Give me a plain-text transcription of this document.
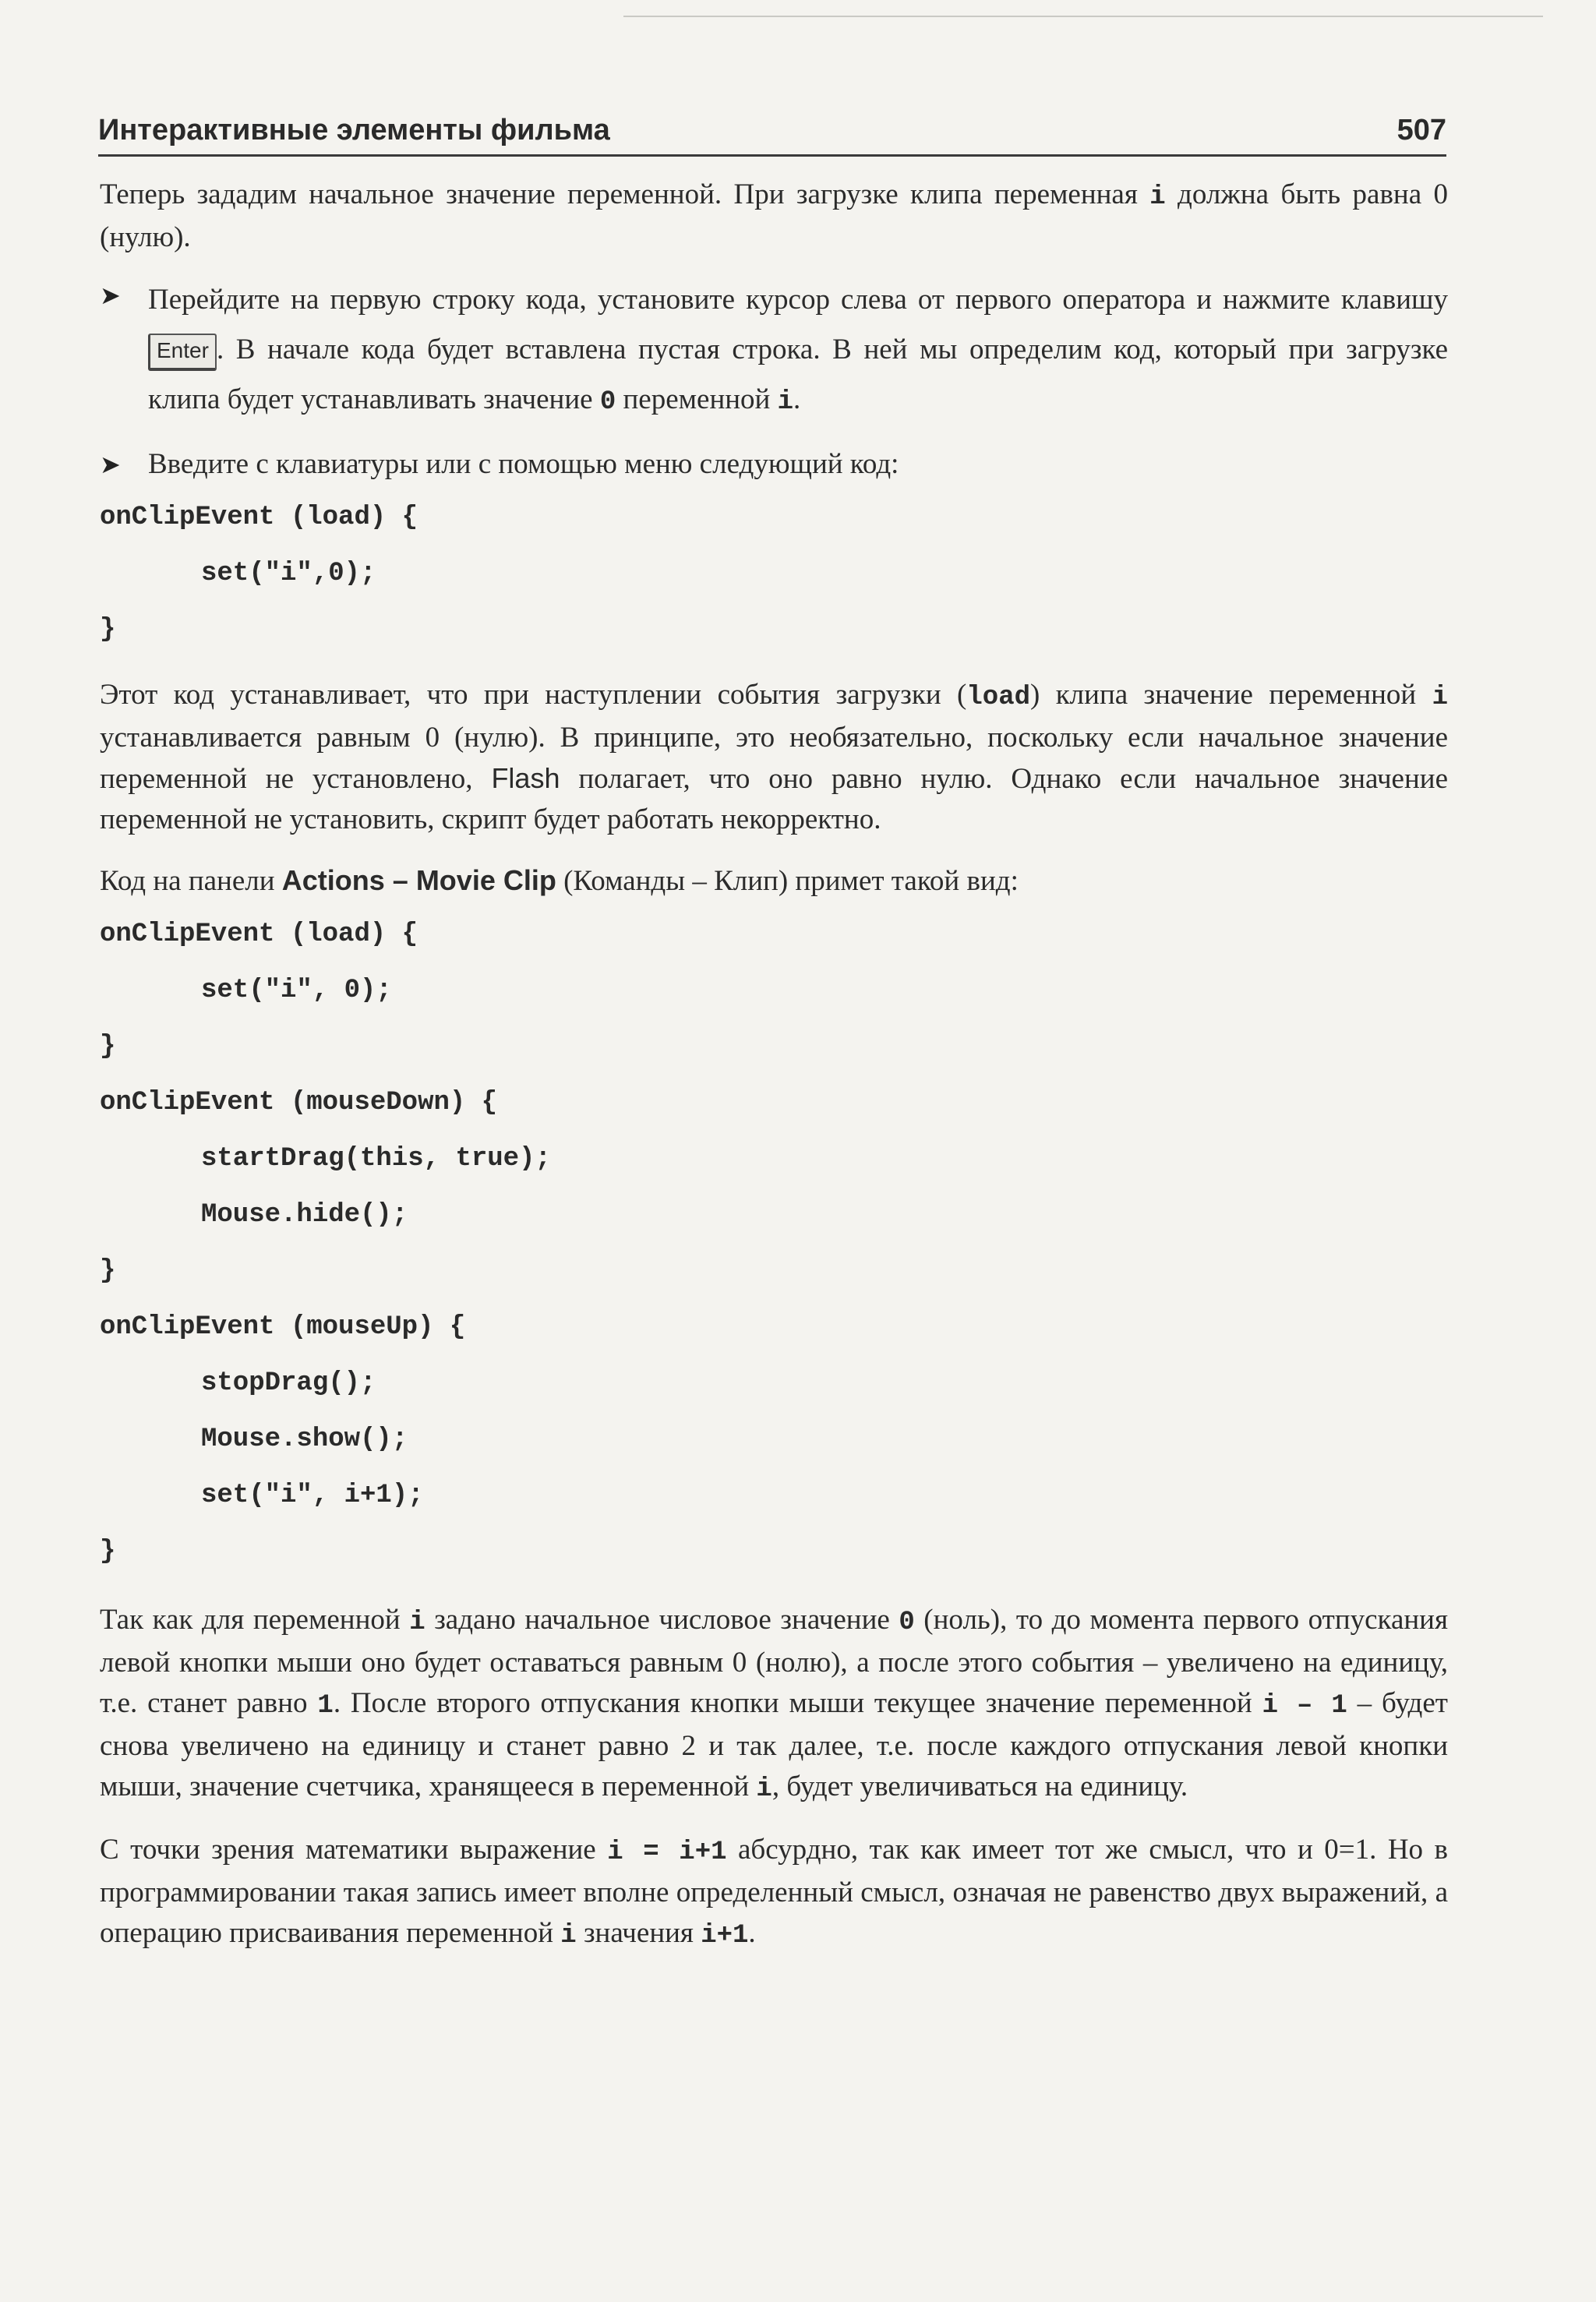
Интерактивные элементы фильма	507

Теперь зададим начальное значение переменной. При загрузке клипа переменная i должна быть равна 0 (нулю).

➤ Перейдите на первую строку кода, установите курсор слева от первого оператора и нажмите клавишу Enter . В начале кода будет вставлена пустая строка. В ней мы определим код, который при загрузке клипа будет устанавливать значение 0 переменной i.

➤ Введите с клавиатуры или с помощью меню следующий код:

onClipEvent (load) {
set("i",0);
}

Этот код устанавливает, что при наступлении события загрузки (load) клипа значение переменной i устанавливается равным 0 (нулю). В принципе, это необязательно, поскольку если начальное значение переменной не установлено, Flash полагает, что оно равно нулю. Однако если начальное значение переменной не установить, скрипт будет работать некорректно.

Код на панели Actions – Movie Clip (Команды – Клип) примет такой вид:

onClipEvent (load) {
set("i", 0);
}
onClipEvent (mouseDown) {
startDrag(this, true);
Mouse.hide();
}
onClipEvent (mouseUp) {
stopDrag();
Mouse.show();
set("i", i+1);
}

Так как для переменной i задано начальное числовое значение 0 (ноль), то до момента первого отпускания левой кнопки мыши оно будет оставаться равным 0 (нолю), а после этого события – увеличено на единицу, т.е. станет равно 1. После второго отпускания кнопки мыши текущее значение переменной i – 1 – будет снова увеличено на единицу и станет равно 2 и так далее, т.е. после каждого отпускания левой кнопки мыши, значение счетчика, хранящееся в переменной i, будет увеличиваться на единицу.

С точки зрения математики выражение i = i+1 абсурдно, так как имеет тот же смысл, что и 0=1. Но в программировании такая запись имеет вполне определенный смысл, означая не равенство двух выражений, а операцию присваивания переменной i значения i+1.
